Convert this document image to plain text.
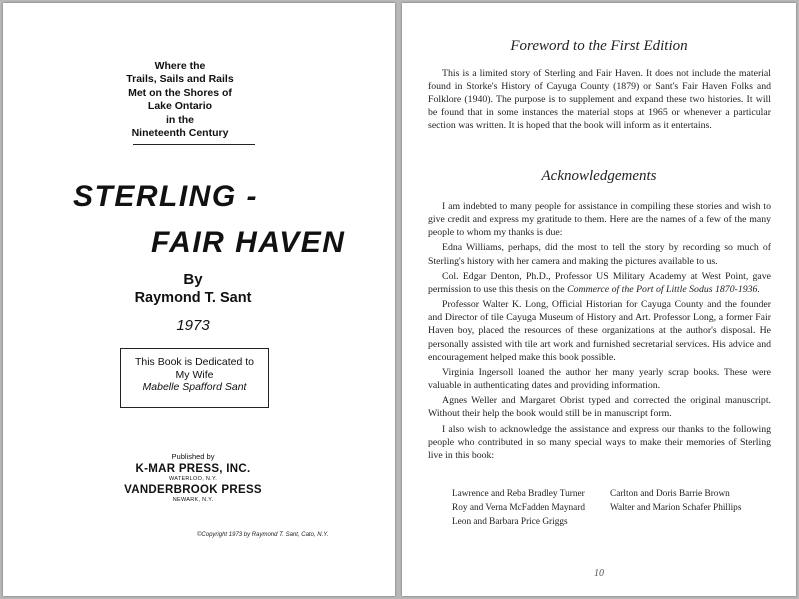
Where the
Trails, Sails and Rails
Met on the Shores of
Lake Ontario
in the
Nineteenth Century
STERLING -
FAIR HAVEN
By
Raymond T. Sant
1973
This Book is Dedicated to
My Wife
Mabelle Spafford Sant
Published by
K-MAR PRESS, INC.
WATERLOO, N.Y.
VANDERBROOK PRESS
NEWARK, N.Y.
©Copyright 1973 by Raymond T. Sant, Cato, N.Y.
Foreword to the First Edition

This is a limited story of Sterling and Fair Haven. It does not include the material found in Storke's History of Cayuga County (1879) or Sant's Fair Haven Folks and Folklore (1940). The purpose is to supplement and expand these two histories. It will be found that in some instances the material stops at 1965 or whenever a particular section was written. It is hoped that the book will inform as it entertains.

Acknowledgements

I am indebted to many people for assistance in compiling these stories and wish to give credit and express my gratitude to them. Here are the names of a few of the many people to whom my thanks is due:

Edna Williams, perhaps, did the most to tell the story by recording so much of Sterling's history with her camera and making the pictures available to us.

Col. Edgar Denton, Ph.D., Professor US Military Academy at West Point, gave permission to use this thesis on the Commerce of the Port of Little Sodus 1870-1936.

Professor Walter K. Long, Official Historian for Cayuga County and the founder and Director of tile Cayuga Museum of History and Art. Professor Long, a former Fair Haven boy, placed the resources of these organizations at the author's disposal. He personally assisted with tile art work and furnished secretarial services. His advice and encouragement helped make this book possible.

Virginia Ingersoll loaned the author her many yearly scrap books. These were valuable in authenticating dates and providing information.

Agnes Weller and Margaret Obrist typed and corrected the original manuscript. Without their help the book would still be in manuscript form.

I also wish to acknowledge the assistance and express our thanks to the following people who contributed in so many special ways to make their memories of Sterling live in this book:

Lawrence and Reba Bradley Turner	Carlton and Doris Barrie Brown
Roy and Verna McFadden Maynard	Walter and Marion Schafer Phillips
Leon and Barbara Price Griggs
10
